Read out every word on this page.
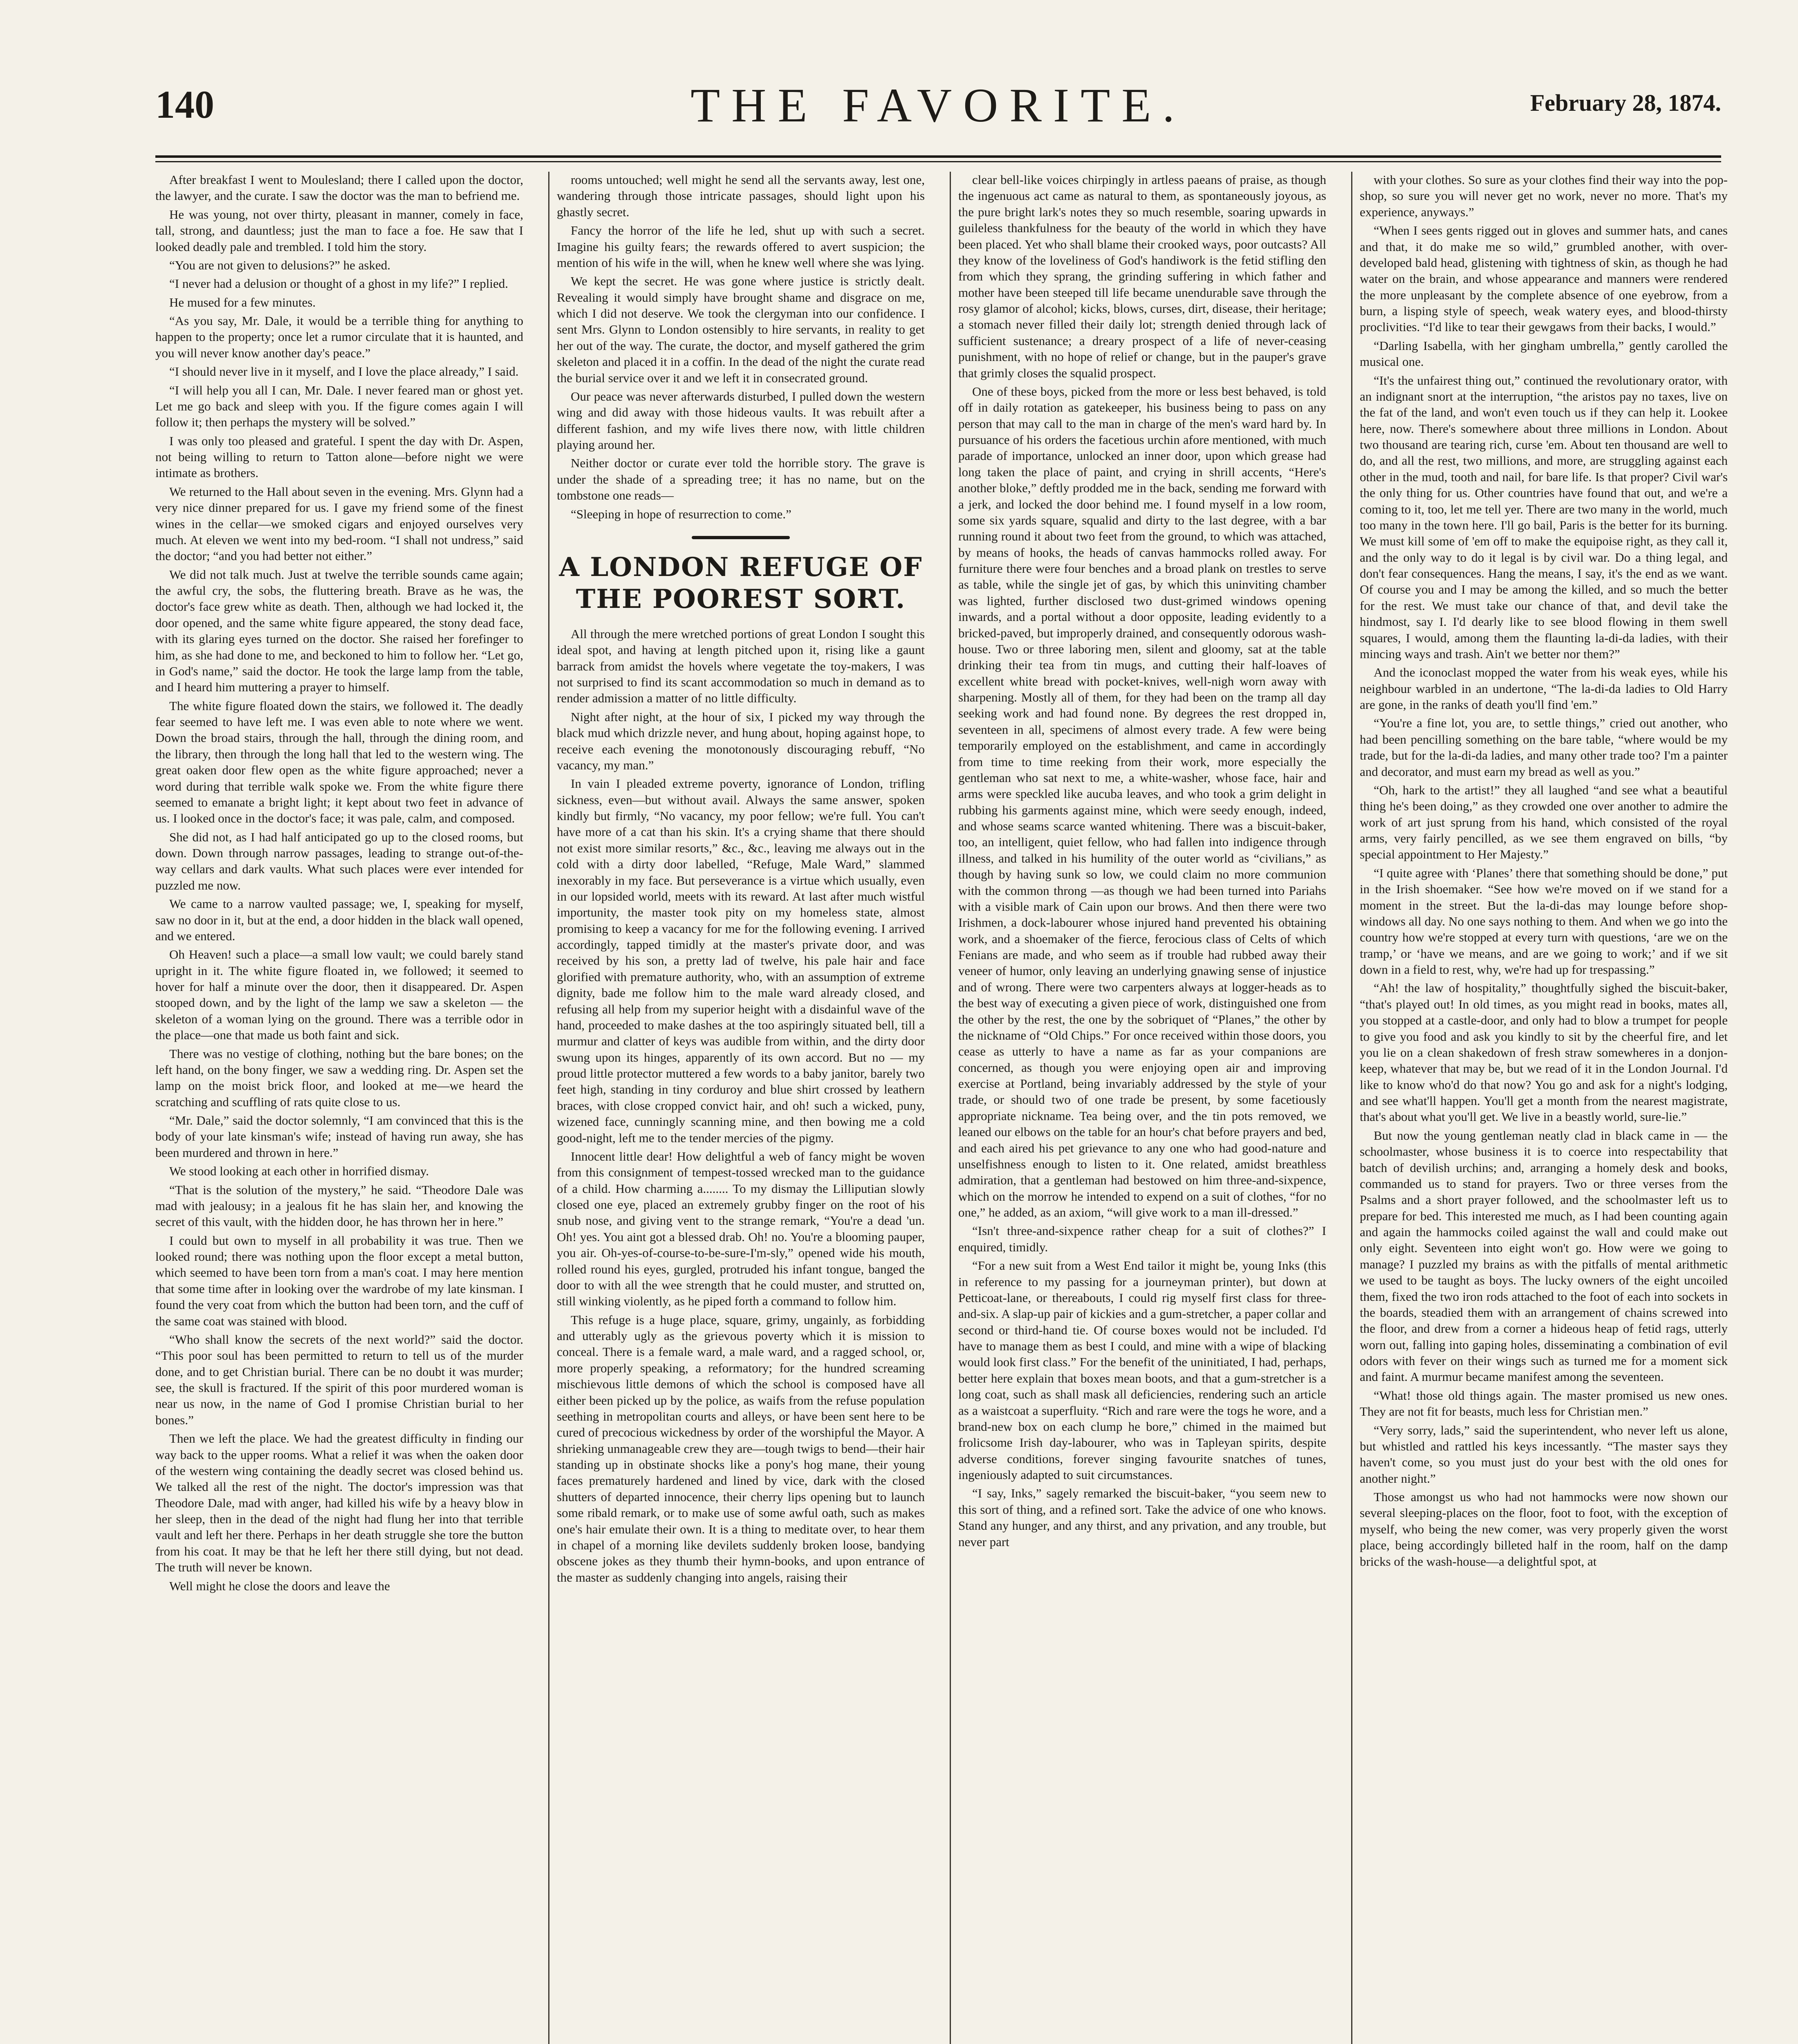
140	THE FAVORITE.	February 28, 1874.

After breakfast I went to Moulesland; there I called upon the doctor, the lawyer, and the curate. I saw the doctor was the man to befriend me.

He was young, not over thirty, pleasant in manner, comely in face, tall, strong, and dauntless; just the man to face a foe. He saw that I looked deadly pale and trembled. I told him the story.

“You are not given to delusions?” he asked.

“I never had a delusion or thought of a ghost in my life?” I replied.

He mused for a few minutes.

“As you say, Mr. Dale, it would be a terrible thing for anything to happen to the property; once let a rumor circulate that it is haunted, and you will never know another day's peace.”

“I should never live in it myself, and I love the place already,” I said.

“I will help you all I can, Mr. Dale. I never feared man or ghost yet. Let me go back and sleep with you. If the figure comes again I will follow it; then perhaps the mystery will be solved.”

I was only too pleased and grateful. I spent the day with Dr. Aspen, not being willing to return to Tatton alone—before night we were intimate as brothers.

We returned to the Hall about seven in the evening. Mrs. Glynn had a very nice dinner prepared for us. I gave my friend some of the finest wines in the cellar—we smoked cigars and enjoyed ourselves very much. At eleven we went into my bed-room. “I shall not undress,” said the doctor; “and you had better not either.”

We did not talk much. Just at twelve the terrible sounds came again; the awful cry, the sobs, the fluttering breath. Brave as he was, the doctor's face grew white as death. Then, although we had locked it, the door opened, and the same white figure appeared, the stony dead face, with its glaring eyes turned on the doctor. She raised her forefinger to him, as she had done to me, and beckoned to him to follow her. “Let go, in God's name,” said the doctor. He took the large lamp from the table, and I heard him muttering a prayer to himself.

The white figure floated down the stairs, we followed it. The deadly fear seemed to have left me. I was even able to note where we went. Down the broad stairs, through the hall, through the dining room, and the library, then through the long hall that led to the western wing. The great oaken door flew open as the white figure approached; never a word during that terrible walk spoke we. From the white figure there seemed to emanate a bright light; it kept about two feet in advance of us. I looked once in the doctor's face; it was pale, calm, and composed.

She did not, as I had half anticipated go up to the closed rooms, but down. Down through narrow passages, leading to strange out-of-the-way cellars and dark vaults. What such places were ever intended for puzzled me now.

We came to a narrow vaulted passage; we, I, speaking for myself, saw no door in it, but at the end, a door hidden in the black wall opened, and we entered.

Oh Heaven! such a place—a small low vault; we could barely stand upright in it. The white figure floated in, we followed; it seemed to hover for half a minute over the door, then it disappeared. Dr. Aspen stooped down, and by the light of the lamp we saw a skeleton — the skeleton of a woman lying on the ground. There was a terrible odor in the place—one that made us both faint and sick.

There was no vestige of clothing, nothing but the bare bones; on the left hand, on the bony finger, we saw a wedding ring. Dr. Aspen set the lamp on the moist brick floor, and looked at me—we heard the scratching and scuffling of rats quite close to us.

“Mr. Dale,” said the doctor solemnly, “I am convinced that this is the body of your late kinsman's wife; instead of having run away, she has been murdered and thrown in here.”

We stood looking at each other in horrified dismay.

“That is the solution of the mystery,” he said. “Theodore Dale was mad with jealousy; in a jealous fit he has slain her, and knowing the secret of this vault, with the hidden door, he has thrown her in here.”

I could but own to myself in all probability it was true. Then we looked round; there was nothing upon the floor except a metal button, which seemed to have been torn from a man's coat. I may here mention that some time after in looking over the wardrobe of my late kinsman. I found the very coat from which the button had been torn, and the cuff of the same coat was stained with blood.

“Who shall know the secrets of the next world?” said the doctor. “This poor soul has been permitted to return to tell us of the murder done, and to get Christian burial. There can be no doubt it was murder; see, the skull is fractured. If the spirit of this poor murdered woman is near us now, in the name of God I promise Christian burial to her bones.”

Then we left the place. We had the greatest difficulty in finding our way back to the upper rooms. What a relief it was when the oaken door of the western wing containing the deadly secret was closed behind us. We talked all the rest of the night. The doctor's impression was that Theodore Dale, mad with anger, had killed his wife by a heavy blow in her sleep, then in the dead of the night had flung her into that terrible vault and left her there. Perhaps in her death struggle she tore the button from his coat. It may be that he left her there still dying, but not dead. The truth will never be known.

Well might he close the doors and leave the

rooms untouched; well might he send all the servants away, lest one, wandering through those intricate passages, should light upon his ghastly secret.

Fancy the horror of the life he led, shut up with such a secret. Imagine his guilty fears; the rewards offered to avert suspicion; the mention of his wife in the will, when he knew well where she was lying.

We kept the secret. He was gone where justice is strictly dealt. Revealing it would simply have brought shame and disgrace on me, which I did not deserve. We took the clergyman into our confidence. I sent Mrs. Glynn to London ostensibly to hire servants, in reality to get her out of the way. The curate, the doctor, and myself gathered the grim skeleton and placed it in a coffin. In the dead of the night the curate read the burial service over it and we left it in consecrated ground.

Our peace was never afterwards disturbed, I pulled down the western wing and did away with those hideous vaults. It was rebuilt after a different fashion, and my wife lives there now, with little children playing around her.

Neither doctor or curate ever told the horrible story. The grave is under the shade of a spreading tree; it has no name, but on the tombstone one reads—

“Sleeping in hope of resurrection to come.”

A LONDON REFUGE OF THE POOREST SORT.

All through the mere wretched portions of great London I sought this ideal spot, and having at length pitched upon it, rising like a gaunt barrack from amidst the hovels where vegetate the toy-makers, I was not surprised to find its scant accommodation so much in demand as to render admission a matter of no little difficulty.

Night after night, at the hour of six, I picked my way through the black mud which drizzle never, and hung about, hoping against hope, to receive each evening the monotonously discouraging rebuff, “No vacancy, my man.”

In vain I pleaded extreme poverty, ignorance of London, trifling sickness, even—but without avail. Always the same answer, spoken kindly but firmly, “No vacancy, my poor fellow; we're full. You can't have more of a cat than his skin. It's a crying shame that there should not exist more similar resorts,” &c., &c., leaving me always out in the cold with a dirty door labelled, “Refuge, Male Ward,” slammed inexorably in my face. But perseverance is a virtue which usually, even in our lopsided world, meets with its reward. At last after much wistful importunity, the master took pity on my homeless state, almost promising to keep a vacancy for me for the following evening. I arrived accordingly, tapped timidly at the master's private door, and was received by his son, a pretty lad of twelve, his pale hair and face glorified with premature authority, who, with an assumption of extreme dignity, bade me follow him to the male ward already closed, and refusing all help from my superior height with a disdainful wave of the hand, proceeded to make dashes at the too aspiringly situated bell, till a murmur and clatter of keys was audible from within, and the dirty door swung upon its hinges, apparently of its own accord. But no — my proud little protector muttered a few words to a baby janitor, barely two feet high, standing in tiny corduroy and blue shirt crossed by leathern braces, with close cropped convict hair, and oh! such a wicked, puny, wizened face, cunningly scanning mine, and then bowing me a cold good-night, left me to the tender mercies of the pigmy.

Innocent little dear! How delightful a web of fancy might be woven from this consignment of tempest-tossed wrecked man to the guidance of a child. How charming a........ To my dismay the Lilliputian slowly closed one eye, placed an extremely grubby finger on the root of his snub nose, and giving vent to the strange remark, “You're a dead 'un. Oh! yes. You aint got a blessed drab. Oh! no. You're a blooming pauper, you air. Oh-yes-of-course-to-be-sure-I'm-sly,” opened wide his mouth, rolled round his eyes, gurgled, protruded his infant tongue, banged the door to with all the wee strength that he could muster, and strutted on, still winking violently, as he piped forth a command to follow him.

This refuge is a huge place, square, grimy, ungainly, as forbidding and utterably ugly as the grievous poverty which it is mission to conceal. There is a female ward, a male ward, and a ragged school, or, more properly speaking, a reformatory; for the hundred screaming mischievous little demons of which the school is composed have all either been picked up by the police, as waifs from the refuse population seething in metropolitan courts and alleys, or have been sent here to be cured of precocious wickedness by order of the worshipful the Mayor. A shrieking unmanageable crew they are—tough twigs to bend—their hair standing up in obstinate shocks like a pony's hog mane, their young faces prematurely hardened and lined by vice, dark with the closed shutters of departed innocence, their cherry lips opening but to launch some ribald remark, or to make use of some awful oath, such as makes one's hair emulate their own. It is a thing to meditate over, to hear them in chapel of a morning like devilets suddenly broken loose, bandying obscene jokes as they thumb their hymn-books, and upon entrance of the master as suddenly changing into angels, raising their

clear bell-like voices chirpingly in artless paeans of praise, as though the ingenuous act came as natural to them, as spontaneously joyous, as the pure bright lark's notes they so much resemble, soaring upwards in guileless thankfulness for the beauty of the world in which they have been placed. Yet who shall blame their crooked ways, poor outcasts? All they know of the loveliness of God's handiwork is the fetid stifling den from which they sprang, the grinding suffering in which father and mother have been steeped till life became unendurable save through the rosy glamor of alcohol; kicks, blows, curses, dirt, disease, their heritage; a stomach never filled their daily lot; strength denied through lack of sufficient sustenance; a dreary prospect of a life of never-ceasing punishment, with no hope of relief or change, but in the pauper's grave that grimly closes the squalid prospect.

One of these boys, picked from the more or less best behaved, is told off in daily rotation as gatekeeper, his business being to pass on any person that may call to the man in charge of the men's ward hard by. In pursuance of his orders the facetious urchin afore mentioned, with much parade of importance, unlocked an inner door, upon which grease had long taken the place of paint, and crying in shrill accents, “Here's another bloke,” deftly prodded me in the back, sending me forward with a jerk, and locked the door behind me. I found myself in a low room, some six yards square, squalid and dirty to the last degree, with a bar running round it about two feet from the ground, to which was attached, by means of hooks, the heads of canvas hammocks rolled away. For furniture there were four benches and a broad plank on trestles to serve as table, while the single jet of gas, by which this uninviting chamber was lighted, further disclosed two dust-grimed windows opening inwards, and a portal without a door opposite, leading evidently to a bricked-paved, but improperly drained, and consequently odorous wash-house. Two or three laboring men, silent and gloomy, sat at the table drinking their tea from tin mugs, and cutting their half-loaves of excellent white bread with pocket-knives, well-nigh worn away with sharpening. Mostly all of them, for they had been on the tramp all day seeking work and had found none. By degrees the rest dropped in, seventeen in all, specimens of almost every trade. A few were being temporarily employed on the establishment, and came in accordingly from time to time reeking from their work, more especially the gentleman who sat next to me, a white-washer, whose face, hair and arms were speckled like aucuba leaves, and who took a grim delight in rubbing his garments against mine, which were seedy enough, indeed, and whose seams scarce wanted whitening. There was a biscuit-baker, too, an intelligent, quiet fellow, who had fallen into indigence through illness, and talked in his humility of the outer world as “civilians,” as though by having sunk so low, we could claim no more communion with the common throng —as though we had been turned into Pariahs with a visible mark of Cain upon our brows. And then there were two Irishmen, a dock-labourer whose injured hand prevented his obtaining work, and a shoemaker of the fierce, ferocious class of Celts of which Fenians are made, and who seem as if trouble had rubbed away their veneer of humor, only leaving an underlying gnawing sense of injustice and of wrong. There were two carpenters always at logger-heads as to the best way of executing a given piece of work, distinguished one from the other by the rest, the one by the sobriquet of “Planes,” the other by the nickname of “Old Chips.” For once received within those doors, you cease as utterly to have a name as far as your companions are concerned, as though you were enjoying open air and improving exercise at Portland, being invariably addressed by the style of your trade, or should two of one trade be present, by some facetiously appropriate nickname. Tea being over, and the tin pots removed, we leaned our elbows on the table for an hour's chat before prayers and bed, and each aired his pet grievance to any one who had good-nature and unselfishness enough to listen to it. One related, amidst breathless admiration, that a gentleman had bestowed on him three-and-sixpence, which on the morrow he intended to expend on a suit of clothes, “for no one,” he added, as an axiom, “will give work to a man ill-dressed.”

“Isn't three-and-sixpence rather cheap for a suit of clothes?” I enquired, timidly.

“For a new suit from a West End tailor it might be, young Inks (this in reference to my passing for a journeyman printer), but down at Petticoat-lane, or thereabouts, I could rig myself first class for three-and-six. A slap-up pair of kickies and a gum-stretcher, a paper collar and second or third-hand tie. Of course boxes would not be included. I'd have to manage them as best I could, and mine with a wipe of blacking would look first class.” For the benefit of the uninitiated, I had, perhaps, better here explain that boxes mean boots, and that a gum-stretcher is a long coat, such as shall mask all deficiencies, rendering such an article as a waistcoat a superfluity. “Rich and rare were the togs he wore, and a brand-new box on each clump he bore,” chimed in the maimed but frolicsome Irish day-labourer, who was in Tapleyan spirits, despite adverse conditions, forever singing favourite snatches of tunes, ingeniously adapted to suit circumstances.

“I say, Inks,” sagely remarked the biscuit-baker, “you seem new to this sort of thing, and a refined sort. Take the advice of one who knows. Stand any hunger, and any thirst, and any privation, and any trouble, but never part

with your clothes. So sure as your clothes find their way into the pop-shop, so sure you will never get no work, never no more. That's my experience, anyways.”

“When I sees gents rigged out in gloves and summer hats, and canes and that, it do make me so wild,” grumbled another, with over-developed bald head, glistening with tightness of skin, as though he had water on the brain, and whose appearance and manners were rendered the more unpleasant by the complete absence of one eyebrow, from a burn, a lisping style of speech, weak watery eyes, and blood-thirsty proclivities. “I'd like to tear their gewgaws from their backs, I would.”

“Darling Isabella, with her gingham umbrella,” gently carolled the musical one.

“It's the unfairest thing out,” continued the revolutionary orator, with an indignant snort at the interruption, “the aristos pay no taxes, live on the fat of the land, and won't even touch us if they can help it. Lookee here, now. There's somewhere about three millions in London. About two thousand are tearing rich, curse 'em. About ten thousand are well to do, and all the rest, two millions, and more, are struggling against each other in the mud, tooth and nail, for bare life. Is that proper? Civil war's the only thing for us. Other countries have found that out, and we're a coming to it, too, let me tell yer. There are two many in the world, much too many in the town here. I'll go bail, Paris is the better for its burning. We must kill some of 'em off to make the equipoise right, as they call it, and the only way to do it legal is by civil war. Do a thing legal, and don't fear consequences. Hang the means, I say, it's the end as we want. Of course you and I may be among the killed, and so much the better for the rest. We must take our chance of that, and devil take the hindmost, say I. I'd dearly like to see blood flowing in them swell squares, I would, among them the flaunting la-di-da ladies, with their mincing ways and trash. Ain't we better nor them?”

And the iconoclast mopped the water from his weak eyes, while his neighbour warbled in an undertone, “The la-di-da ladies to Old Harry are gone, in the ranks of death you'll find 'em.”

“You're a fine lot, you are, to settle things,” cried out another, who had been pencilling something on the bare table, “where would be my trade, but for the la-di-da ladies, and many other trade too? I'm a painter and decorator, and must earn my bread as well as you.”

“Oh, hark to the artist!” they all laughed “and see what a beautiful thing he's been doing,” as they crowded one over another to admire the work of art just sprung from his hand, which consisted of the royal arms, very fairly pencilled, as we see them engraved on bills, “by special appointment to Her Majesty.”

“I quite agree with ‘Planes’ there that something should be done,” put in the Irish shoemaker. “See how we're moved on if we stand for a moment in the street. But the la-di-das may lounge before shop-windows all day. No one says nothing to them. And when we go into the country how we're stopped at every turn with questions, ‘are we on the tramp,’ or ‘have we means, and are we going to work;’ and if we sit down in a field to rest, why, we're had up for trespassing.”

“Ah! the law of hospitality,” thoughtfully sighed the biscuit-baker, “that's played out! In old times, as you might read in books, mates all, you stopped at a castle-door, and only had to blow a trumpet for people to give you food and ask you kindly to sit by the cheerful fire, and let you lie on a clean shakedown of fresh straw somewheres in a donjon-keep, whatever that may be, but we read of it in the London Journal. I'd like to know who'd do that now? You go and ask for a night's lodging, and see what'll happen. You'll get a month from the nearest magistrate, that's about what you'll get. We live in a beastly world, sure-lie.”

But now the young gentleman neatly clad in black came in — the schoolmaster, whose business it is to coerce into respectability that batch of devilish urchins; and, arranging a homely desk and books, commanded us to stand for prayers. Two or three verses from the Psalms and a short prayer followed, and the schoolmaster left us to prepare for bed. This interested me much, as I had been counting again and again the hammocks coiled against the wall and could make out only eight. Seventeen into eight won't go. How were we going to manage? I puzzled my brains as with the pitfalls of mental arithmetic we used to be taught as boys. The lucky owners of the eight uncoiled them, fixed the two iron rods attached to the foot of each into sockets in the boards, steadied them with an arrangement of chains screwed into the floor, and drew from a corner a hideous heap of fetid rags, utterly worn out, falling into gaping holes, disseminating a combination of evil odors with fever on their wings such as turned me for a moment sick and faint. A murmur became manifest among the seventeen.

“What! those old things again. The master promised us new ones. They are not fit for beasts, much less for Christian men.”

“Very sorry, lads,” said the superintendent, who never left us alone, but whistled and rattled his keys incessantly. “The master says they haven't come, so you must just do your best with the old ones for another night.”

Those amongst us who had not hammocks were now shown our several sleeping-places on the floor, foot to foot, with the exception of myself, who being the new comer, was very properly given the worst place, being accordingly billeted half in the room, half on the damp bricks of the wash-house—a delightful spot, at
